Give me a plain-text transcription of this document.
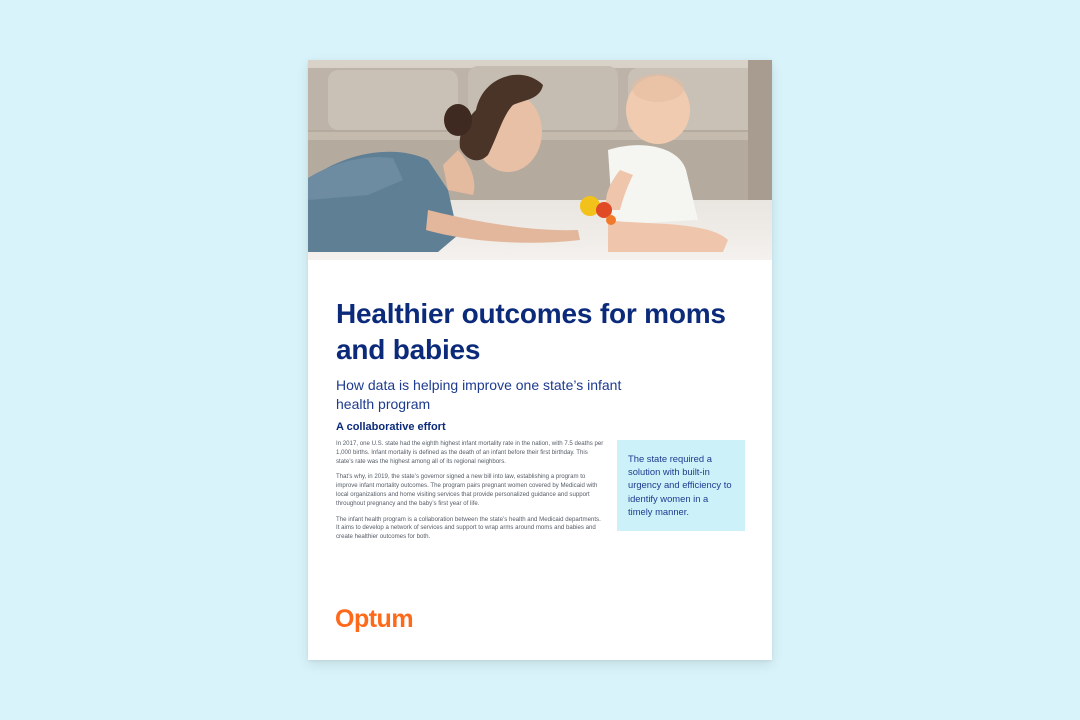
Healthier outcomes for moms and babies
How data is helping improve one state’s infant health program
A collaborative effort

In 2017, one U.S. state had the eighth highest infant mortality rate in the nation, with 7.5 deaths per 1,000 births. Infant mortality is defined as the death of an infant before their first birthday. This state’s rate was the highest among all of its regional neighbors.

That’s why, in 2019, the state’s governor signed a new bill into law, establishing a program to improve infant mortality outcomes. The program pairs pregnant women covered by Medicaid with local organizations and home visiting services that provide personalized guidance and support throughout pregnancy and the baby’s first year of life.

The infant health program is a collaboration between the state’s health and Medicaid departments. It aims to develop a network of services and support to wrap arms around moms and babies and create healthier outcomes for both.

The state required a solution with built-in urgency and efficiency to identify women in a timely manner.
Optum
